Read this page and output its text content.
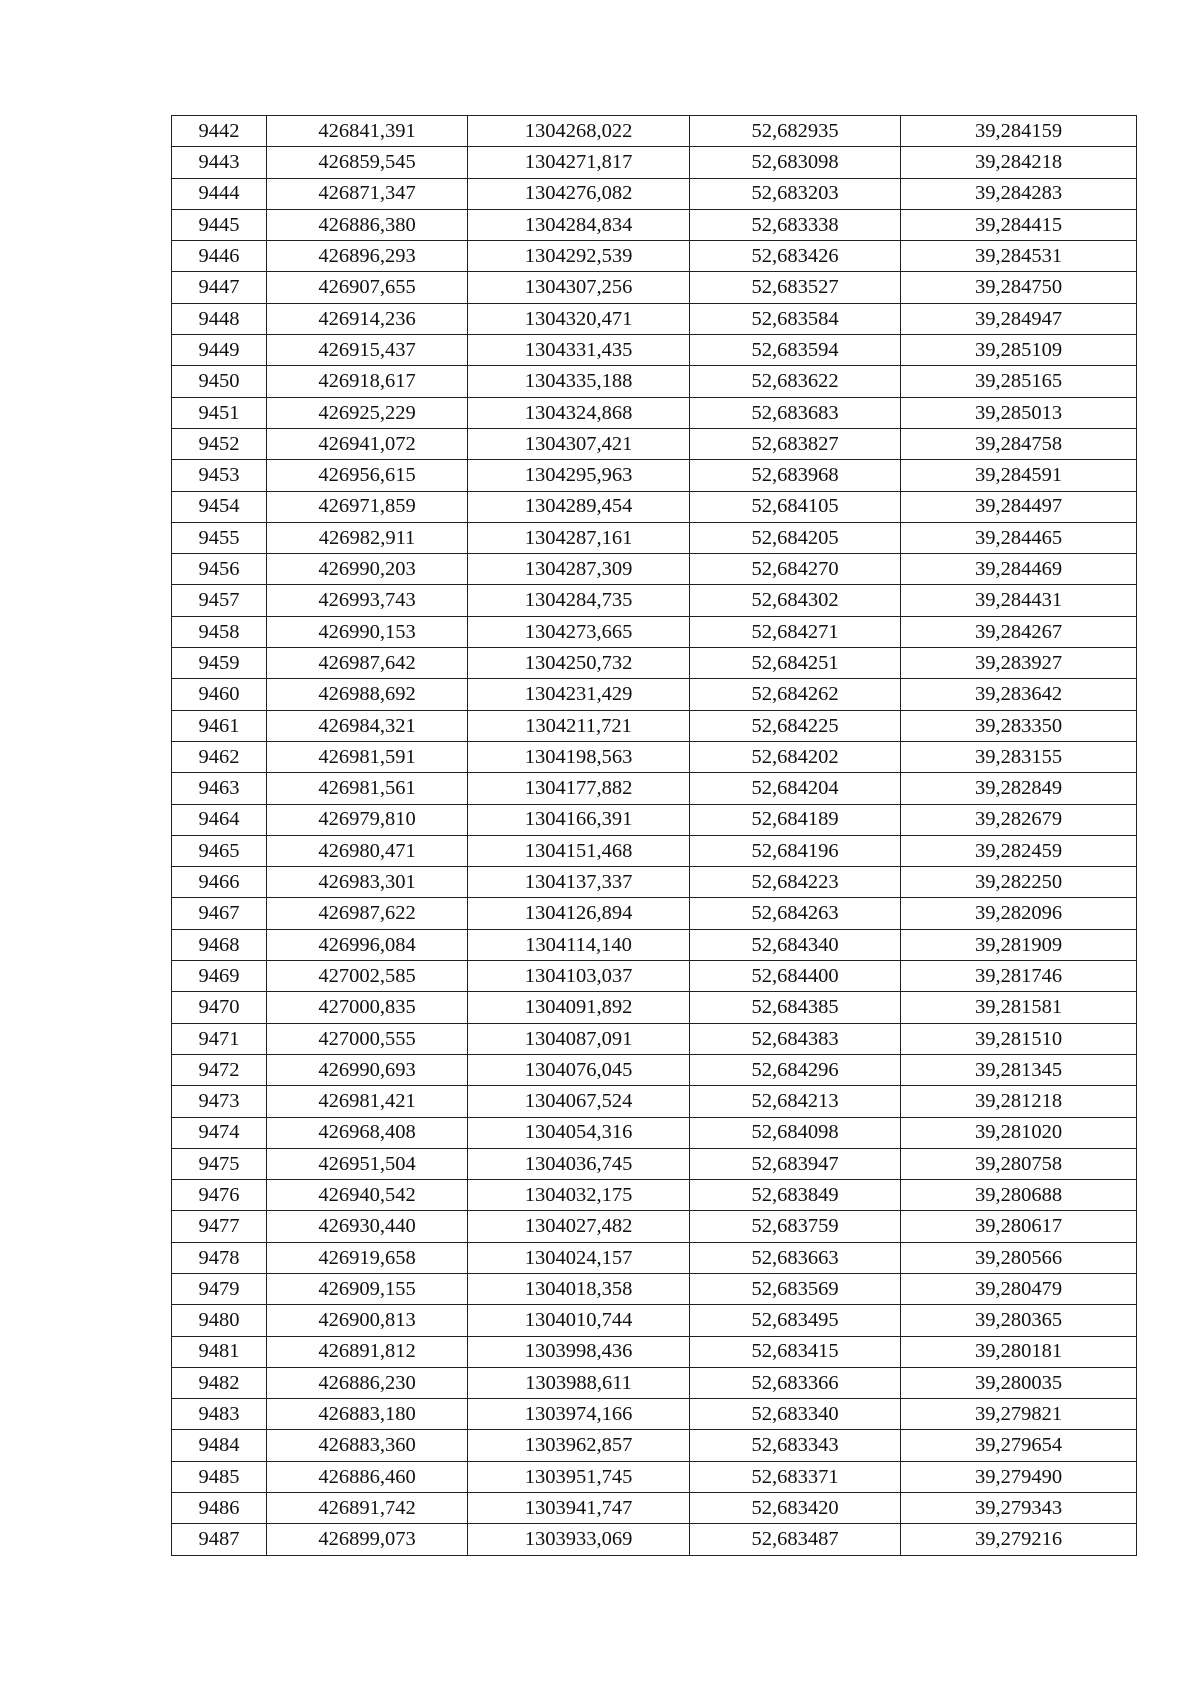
9442	426841,391	1304268,022	52,682935	39,284159
9443	426859,545	1304271,817	52,683098	39,284218
9444	426871,347	1304276,082	52,683203	39,284283
9445	426886,380	1304284,834	52,683338	39,284415
9446	426896,293	1304292,539	52,683426	39,284531
9447	426907,655	1304307,256	52,683527	39,284750
9448	426914,236	1304320,471	52,683584	39,284947
9449	426915,437	1304331,435	52,683594	39,285109
9450	426918,617	1304335,188	52,683622	39,285165
9451	426925,229	1304324,868	52,683683	39,285013
9452	426941,072	1304307,421	52,683827	39,284758
9453	426956,615	1304295,963	52,683968	39,284591
9454	426971,859	1304289,454	52,684105	39,284497
9455	426982,911	1304287,161	52,684205	39,284465
9456	426990,203	1304287,309	52,684270	39,284469
9457	426993,743	1304284,735	52,684302	39,284431
9458	426990,153	1304273,665	52,684271	39,284267
9459	426987,642	1304250,732	52,684251	39,283927
9460	426988,692	1304231,429	52,684262	39,283642
9461	426984,321	1304211,721	52,684225	39,283350
9462	426981,591	1304198,563	52,684202	39,283155
9463	426981,561	1304177,882	52,684204	39,282849
9464	426979,810	1304166,391	52,684189	39,282679
9465	426980,471	1304151,468	52,684196	39,282459
9466	426983,301	1304137,337	52,684223	39,282250
9467	426987,622	1304126,894	52,684263	39,282096
9468	426996,084	1304114,140	52,684340	39,281909
9469	427002,585	1304103,037	52,684400	39,281746
9470	427000,835	1304091,892	52,684385	39,281581
9471	427000,555	1304087,091	52,684383	39,281510
9472	426990,693	1304076,045	52,684296	39,281345
9473	426981,421	1304067,524	52,684213	39,281218
9474	426968,408	1304054,316	52,684098	39,281020
9475	426951,504	1304036,745	52,683947	39,280758
9476	426940,542	1304032,175	52,683849	39,280688
9477	426930,440	1304027,482	52,683759	39,280617
9478	426919,658	1304024,157	52,683663	39,280566
9479	426909,155	1304018,358	52,683569	39,280479
9480	426900,813	1304010,744	52,683495	39,280365
9481	426891,812	1303998,436	52,683415	39,280181
9482	426886,230	1303988,611	52,683366	39,280035
9483	426883,180	1303974,166	52,683340	39,279821
9484	426883,360	1303962,857	52,683343	39,279654
9485	426886,460	1303951,745	52,683371	39,279490
9486	426891,742	1303941,747	52,683420	39,279343
9487	426899,073	1303933,069	52,683487	39,279216
